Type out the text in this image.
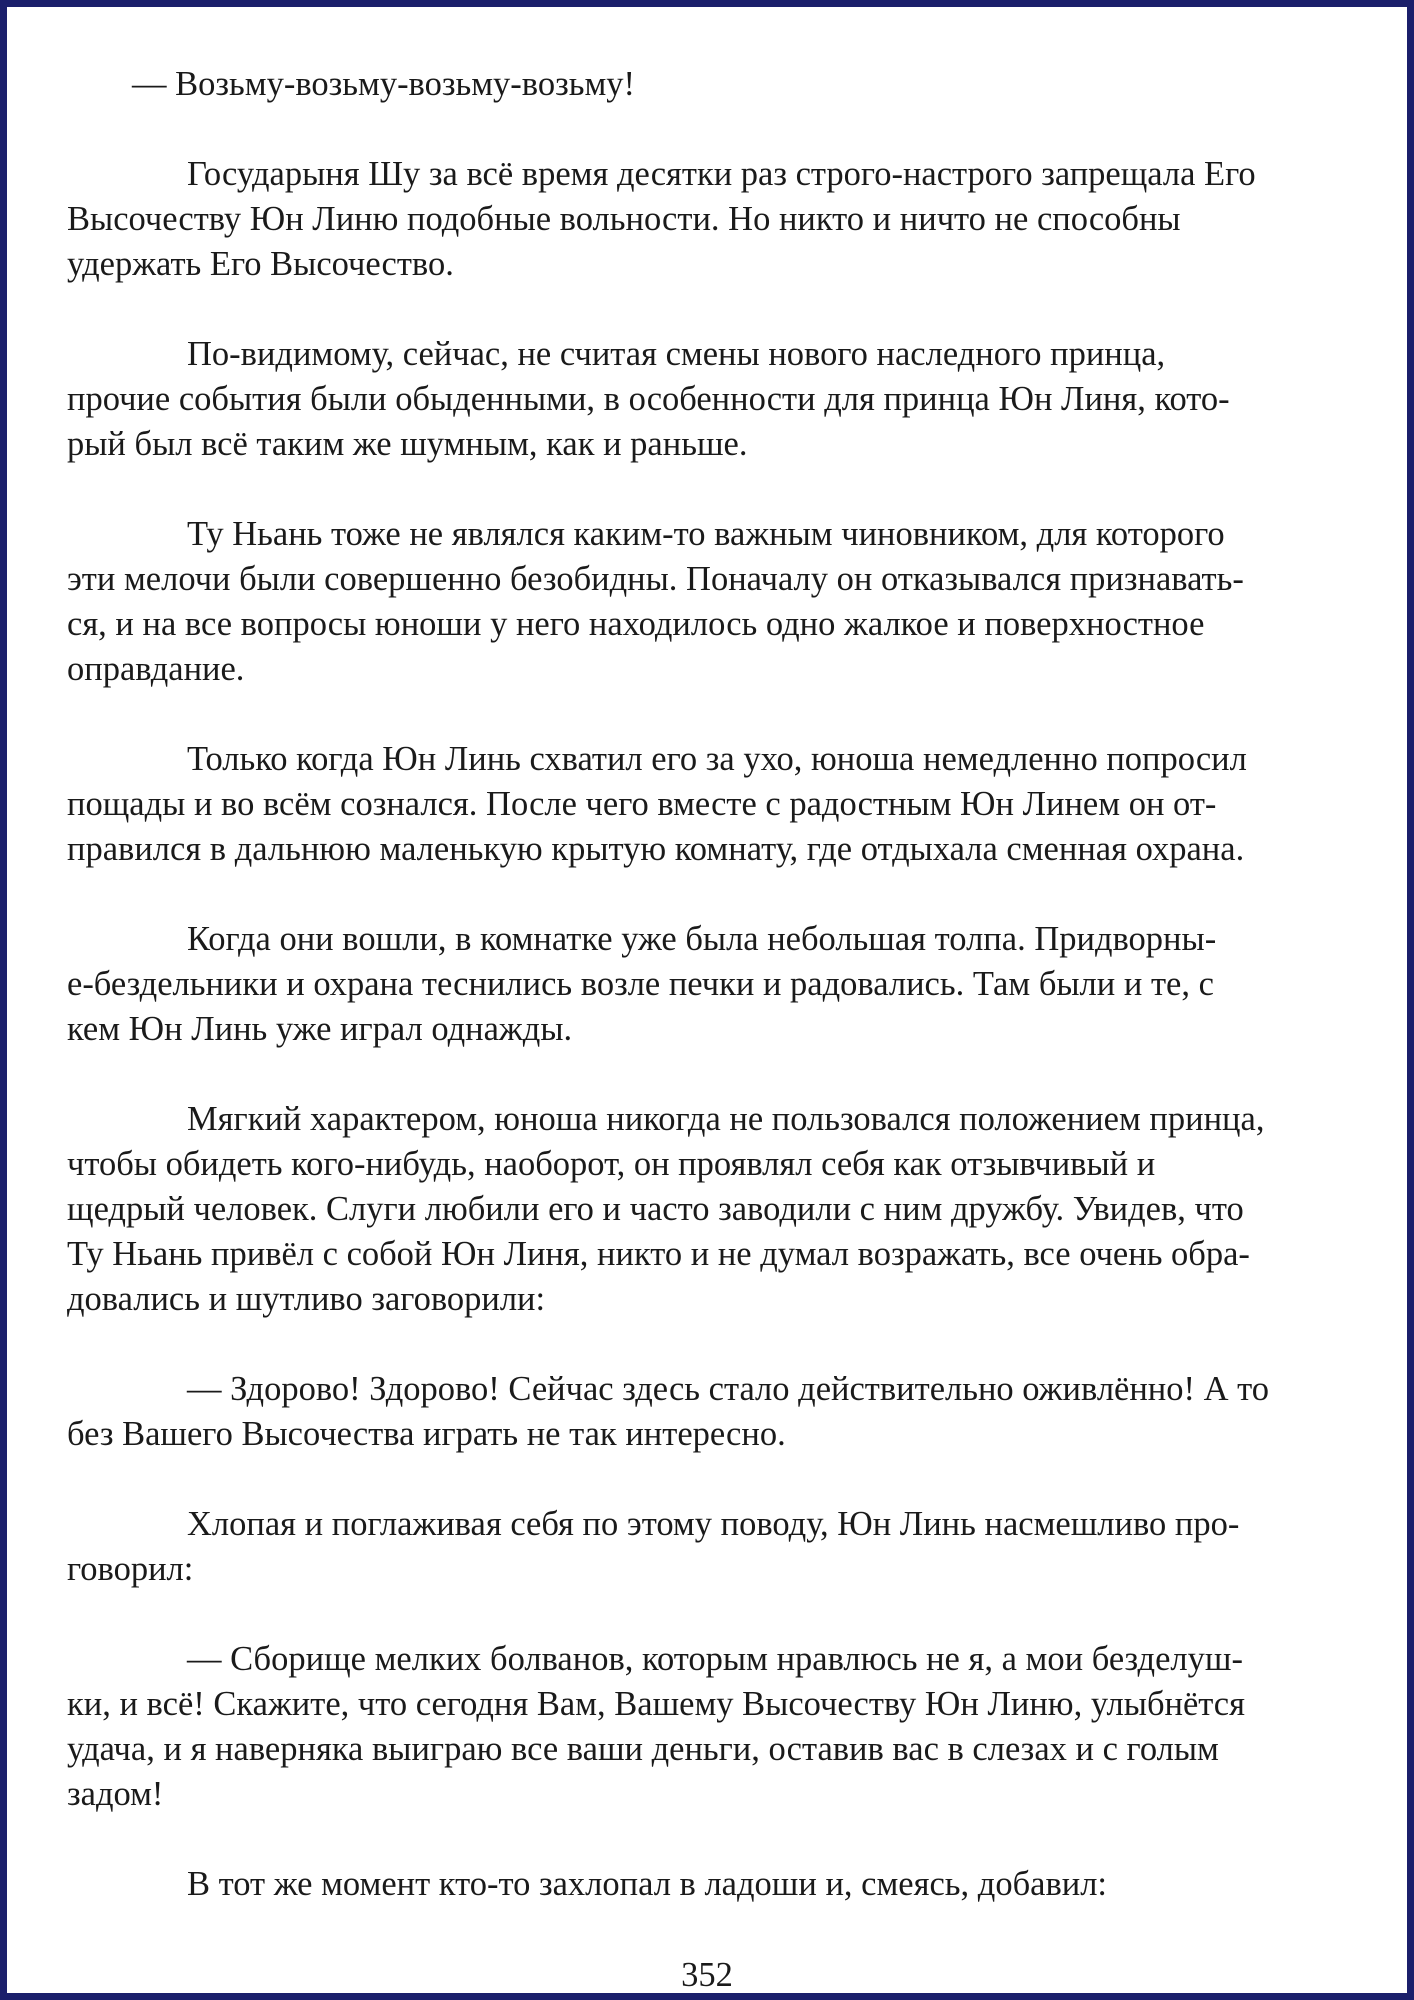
— Возьму-возьму-возьму-возьму!

Государыня Шу за всё время десятки раз строго-настрого запрещала Его
Высочеству Юн Линю подобные вольности. Но никто и ничто не способны
удержать Его Высочество.

По-видимому, сейчас, не считая смены нового наследного принца,
прочие события были обыденными, в особенности для принца Юн Линя, кото-
рый был всё таким же шумным, как и раньше.

Ту Ньань тоже не являлся каким-то важным чиновником, для которого
эти мелочи были совершенно безобидны. Поначалу он отказывался признавать-
ся, и на все вопросы юноши у него находилось одно жалкое и поверхностное
оправдание.

Только когда Юн Линь схватил его за ухо, юноша немедленно попросил
пощады и во всём сознался. После чего вместе с радостным Юн Линем он от-
правился в дальнюю маленькую крытую комнату, где отдыхала сменная охрана.

Когда они вошли, в комнатке уже была небольшая толпа. Придворны-
е-бездельники и охрана теснились возле печки и радовались. Там были и те, с
кем Юн Линь уже играл однажды.

Мягкий характером, юноша никогда не пользовался положением принца,
чтобы обидеть кого-нибудь, наоборот, он проявлял себя как отзывчивый и
щедрый человек. Слуги любили его и часто заводили с ним дружбу. Увидев, что
Ту Ньань привёл с собой Юн Линя, никто и не думал возражать, все очень обра-
довались и шутливо заговорили:

— Здорово! Здорово! Сейчас здесь стало действительно оживлённо! А то
без Вашего Высочества играть не так интересно.

Хлопая и поглаживая себя по этому поводу, Юн Линь насмешливо про-
говорил:

— Сборище мелких болванов, которым нравлюсь не я, а мои безделуш-
ки, и всё! Скажите, что сегодня Вам, Вашему Высочеству Юн Линю, улыбнётся
удача, и я наверняка выиграю все ваши деньги, оставив вас в слезах и с голым
задом!

В тот же момент кто-то захлопал в ладоши и, смеясь, добавил:

352
